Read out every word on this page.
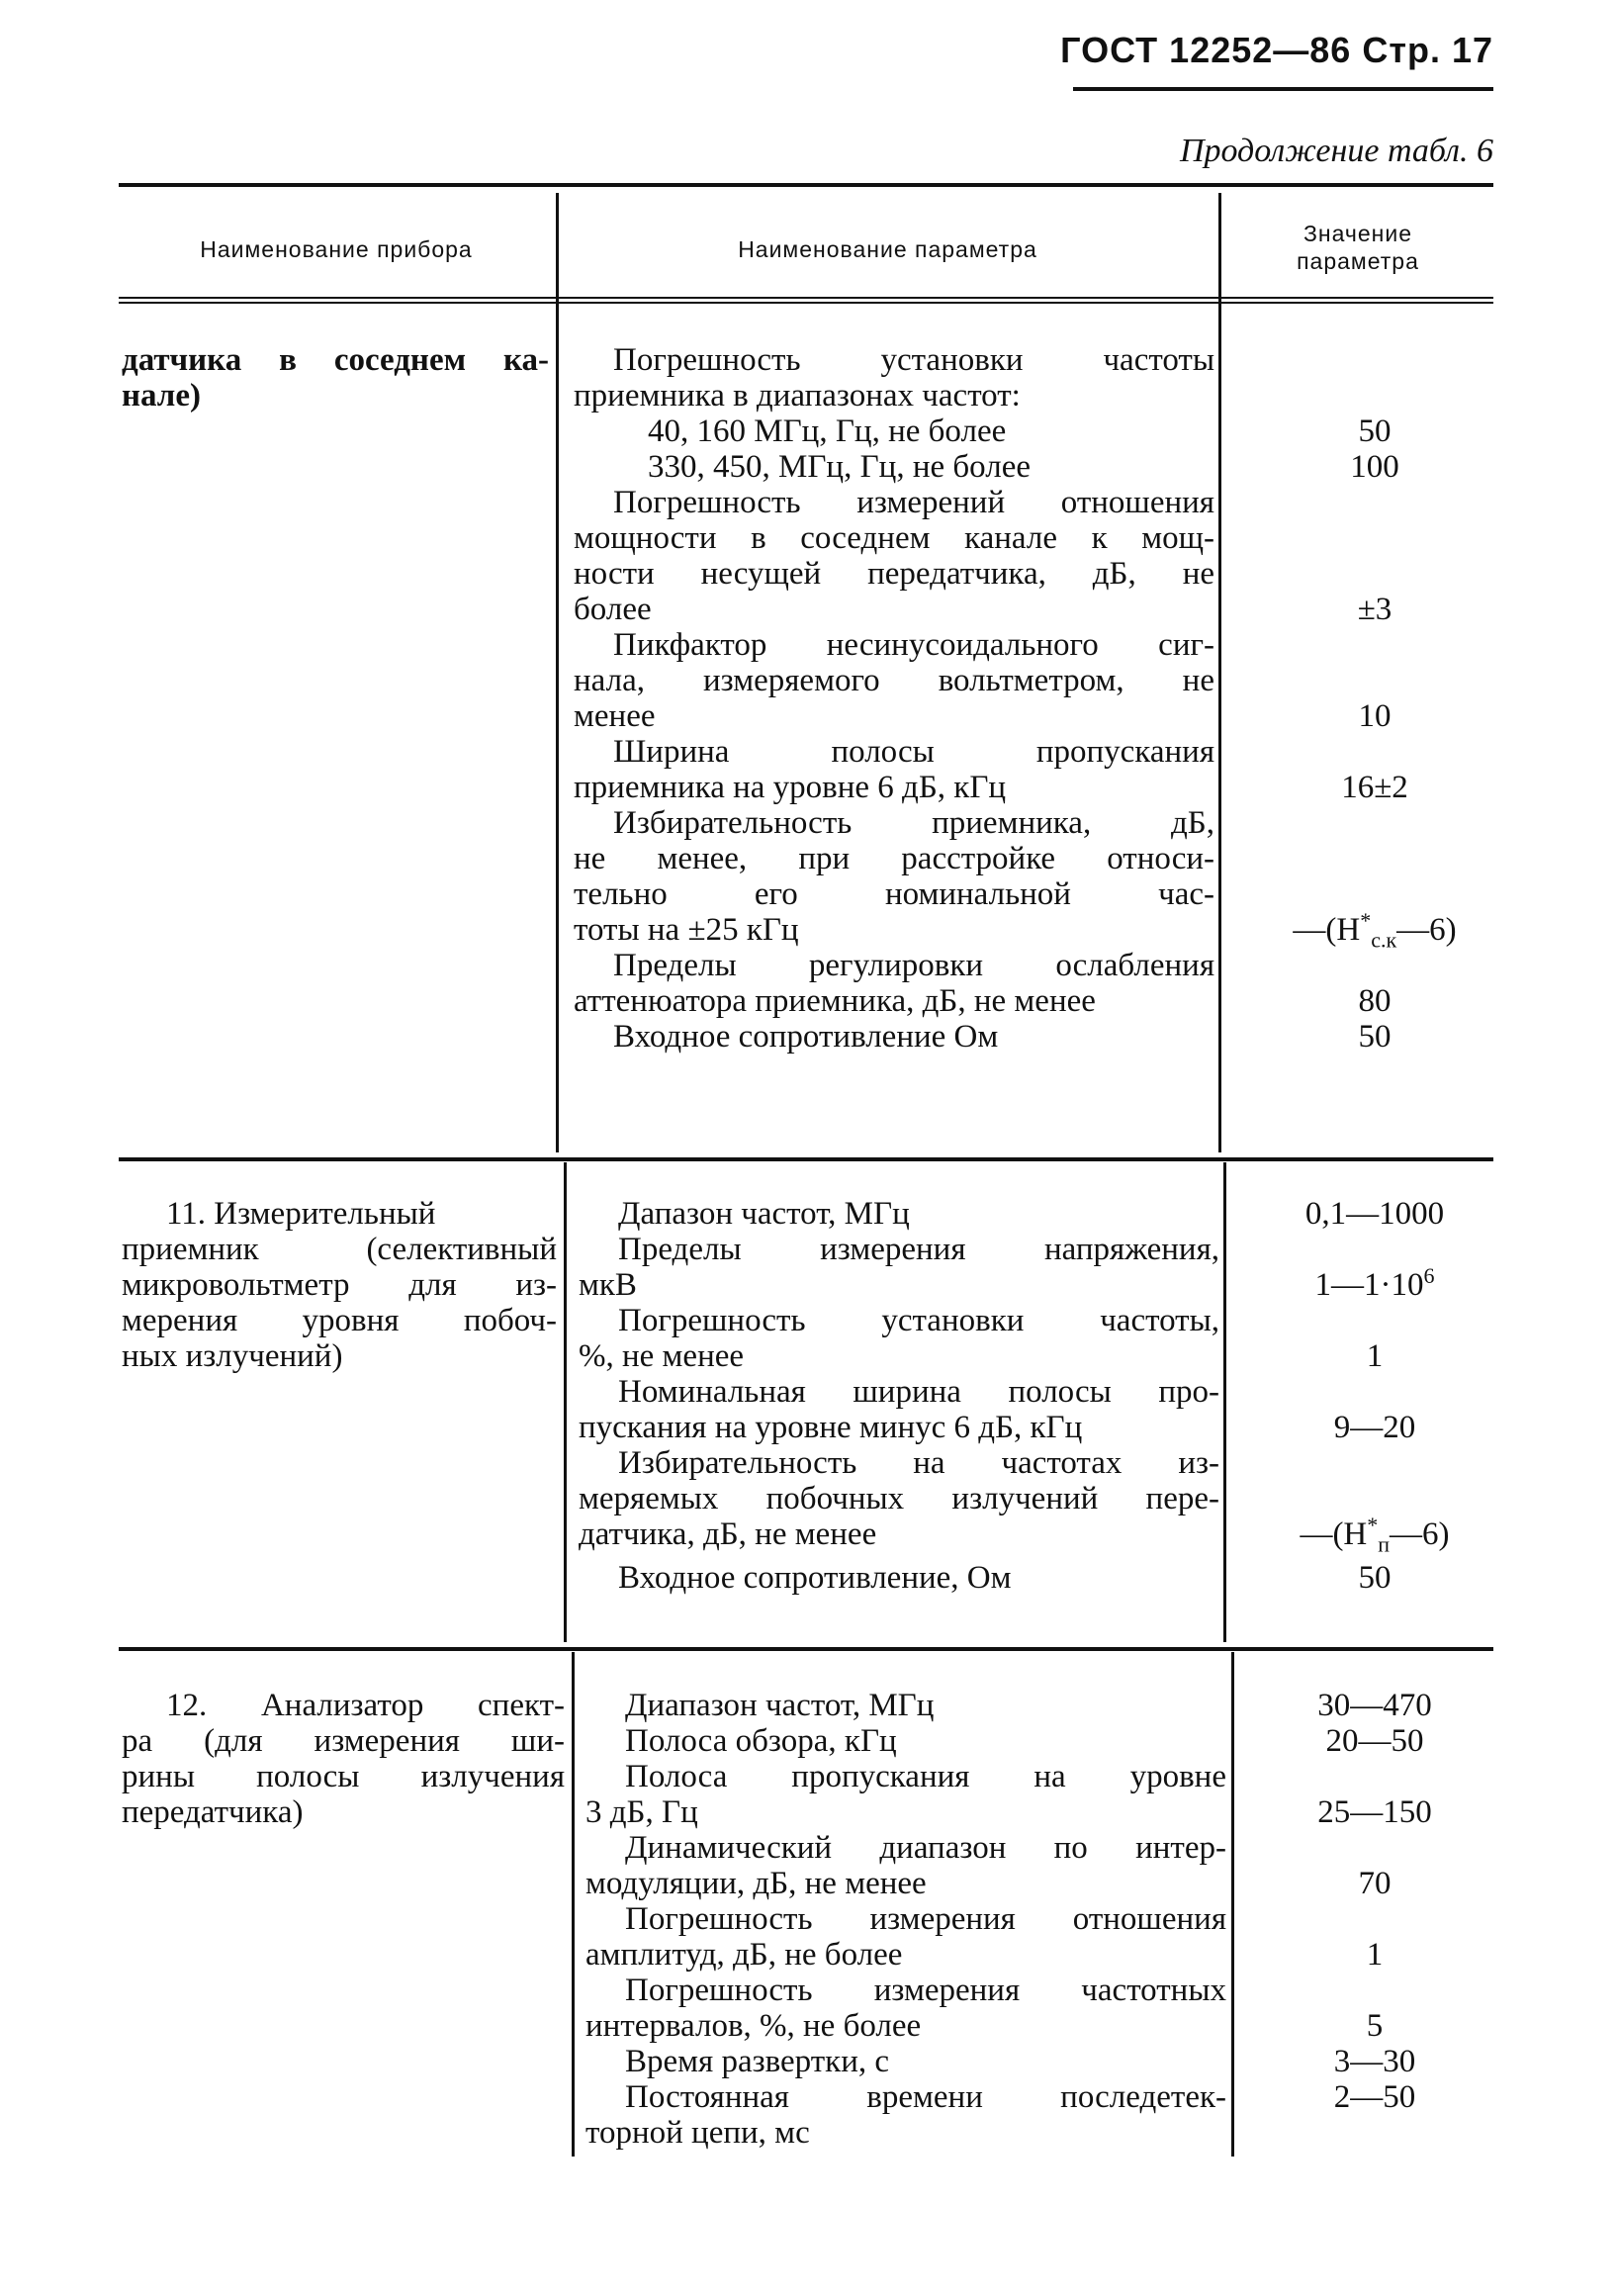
ГОСТ 12252—86 Стр. 17
Продолжение табл. 6
Наименование прибора	Наименование параметра
Значение
параметра
датчика в соседнем ка-
нале)
Погрешность установки частоты
приемника в диапазонах частот:
40, 160 МГц, Гц, не более
330, 450, МГц, Гц, не более
Погрешность измерений отношения
мощности в соседнем канале к мощ-
ности несущей передатчика, дБ, не
более
Пикфактор несинусоидального сиг-
нала, измеряемого вольтметром, не
менее
Ширина полосы пропускания
приемника на уровне 6 дБ, кГц
Избирательность приемника, дБ,
не менее, при расстройке относи-
тельно его номинальной час-
тоты на ±25 кГц
Пределы регулировки ослабления
аттенюатора приемника, дБ, не менее
Входное сопротивление Ом
50
100
±3
10
16±2
$—(H^*_{с.к}—6)$
80
50
11. Измерительный
приемник (селективный
микровольтметр для из-
мерения уровня побоч-
ных излучений)
Дапазон частот, МГц
Пределы измерения напряжения,
мкВ
Погрешность установки частоты,
%, не менее
Номинальная ширина полосы про-
пускания на уровне минус 6 дБ, кГц
Избирательность на частотах из-
меряемых побочных излучений пере-
датчика, дБ, не менее
Входное сопротивление, Ом
0,1—1000
$1—1\cdot 10^6$
1
9—20
$—(H^*_п—6)$
50
12. Анализатор спект-
ра (для измерения ши-
рины полосы излучения
передатчика)
Диапазон частот, МГц
Полоса обзора, кГц
Полоса пропускания на уровне
3 дБ, Гц
Динамический диапазон по интер-
модуляции, дБ, не менее
Погрешность измерения отношения
амплитуд, дБ, не более
Погрешность измерения частотных
интервалов, %, не более
Время развертки, с
Постоянная времени последетек-
торной цепи, мс
30—470
20—50
25—150
70
1
5
3—30
2—50
